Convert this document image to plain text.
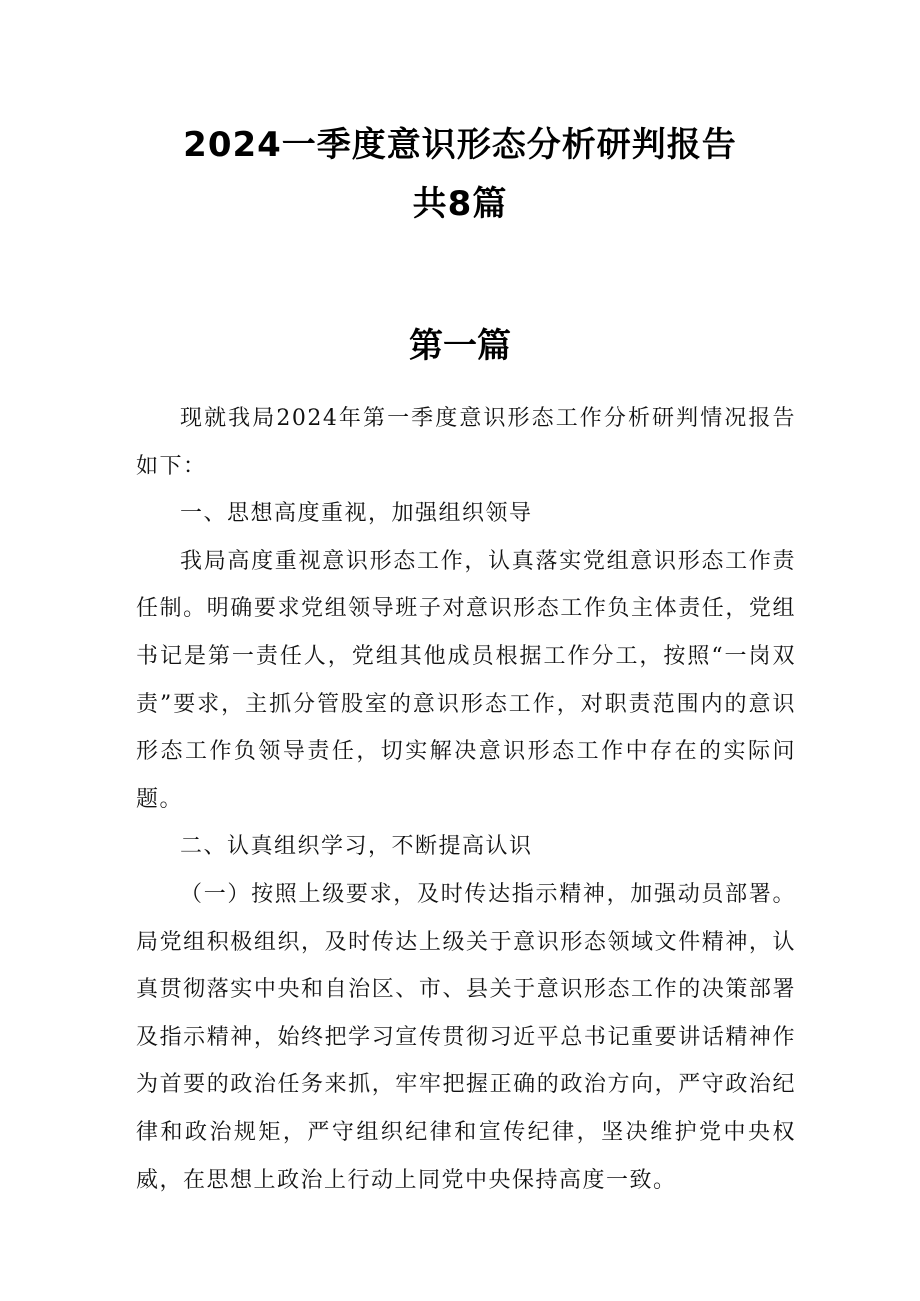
2024一季度意识形态分析研判报告
共8篇
第一篇

现就我局2024年第一季度意识形态工作分析研判情况报告如下：

一、思想高度重视，加强组织领导

我局高度重视意识形态工作，认真落实党组意识形态工作责任制。明确要求党组领导班子对意识形态工作负主体责任，党组书记是第一责任人，党组其他成员根据工作分工，按照“一岗双责”要求，主抓分管股室的意识形态工作，对职责范围内的意识形态工作负领导责任，切实解决意识形态工作中存在的实际问题。

二、认真组织学习，不断提高认识

（一）按照上级要求，及时传达指示精神，加强动员部署。局党组积极组织，及时传达上级关于意识形态领域文件精神，认真贯彻落实中央和自治区、市、县关于意识形态工作的决策部署及指示精神，始终把学习宣传贯彻习近平总书记重要讲话精神作为首要的政治任务来抓，牢牢把握正确的政治方向，严守政治纪律和政治规矩，严守组织纪律和宣传纪律，坚决维护党中央权威，在思想上政治上行动上同党中央保持高度一致。
